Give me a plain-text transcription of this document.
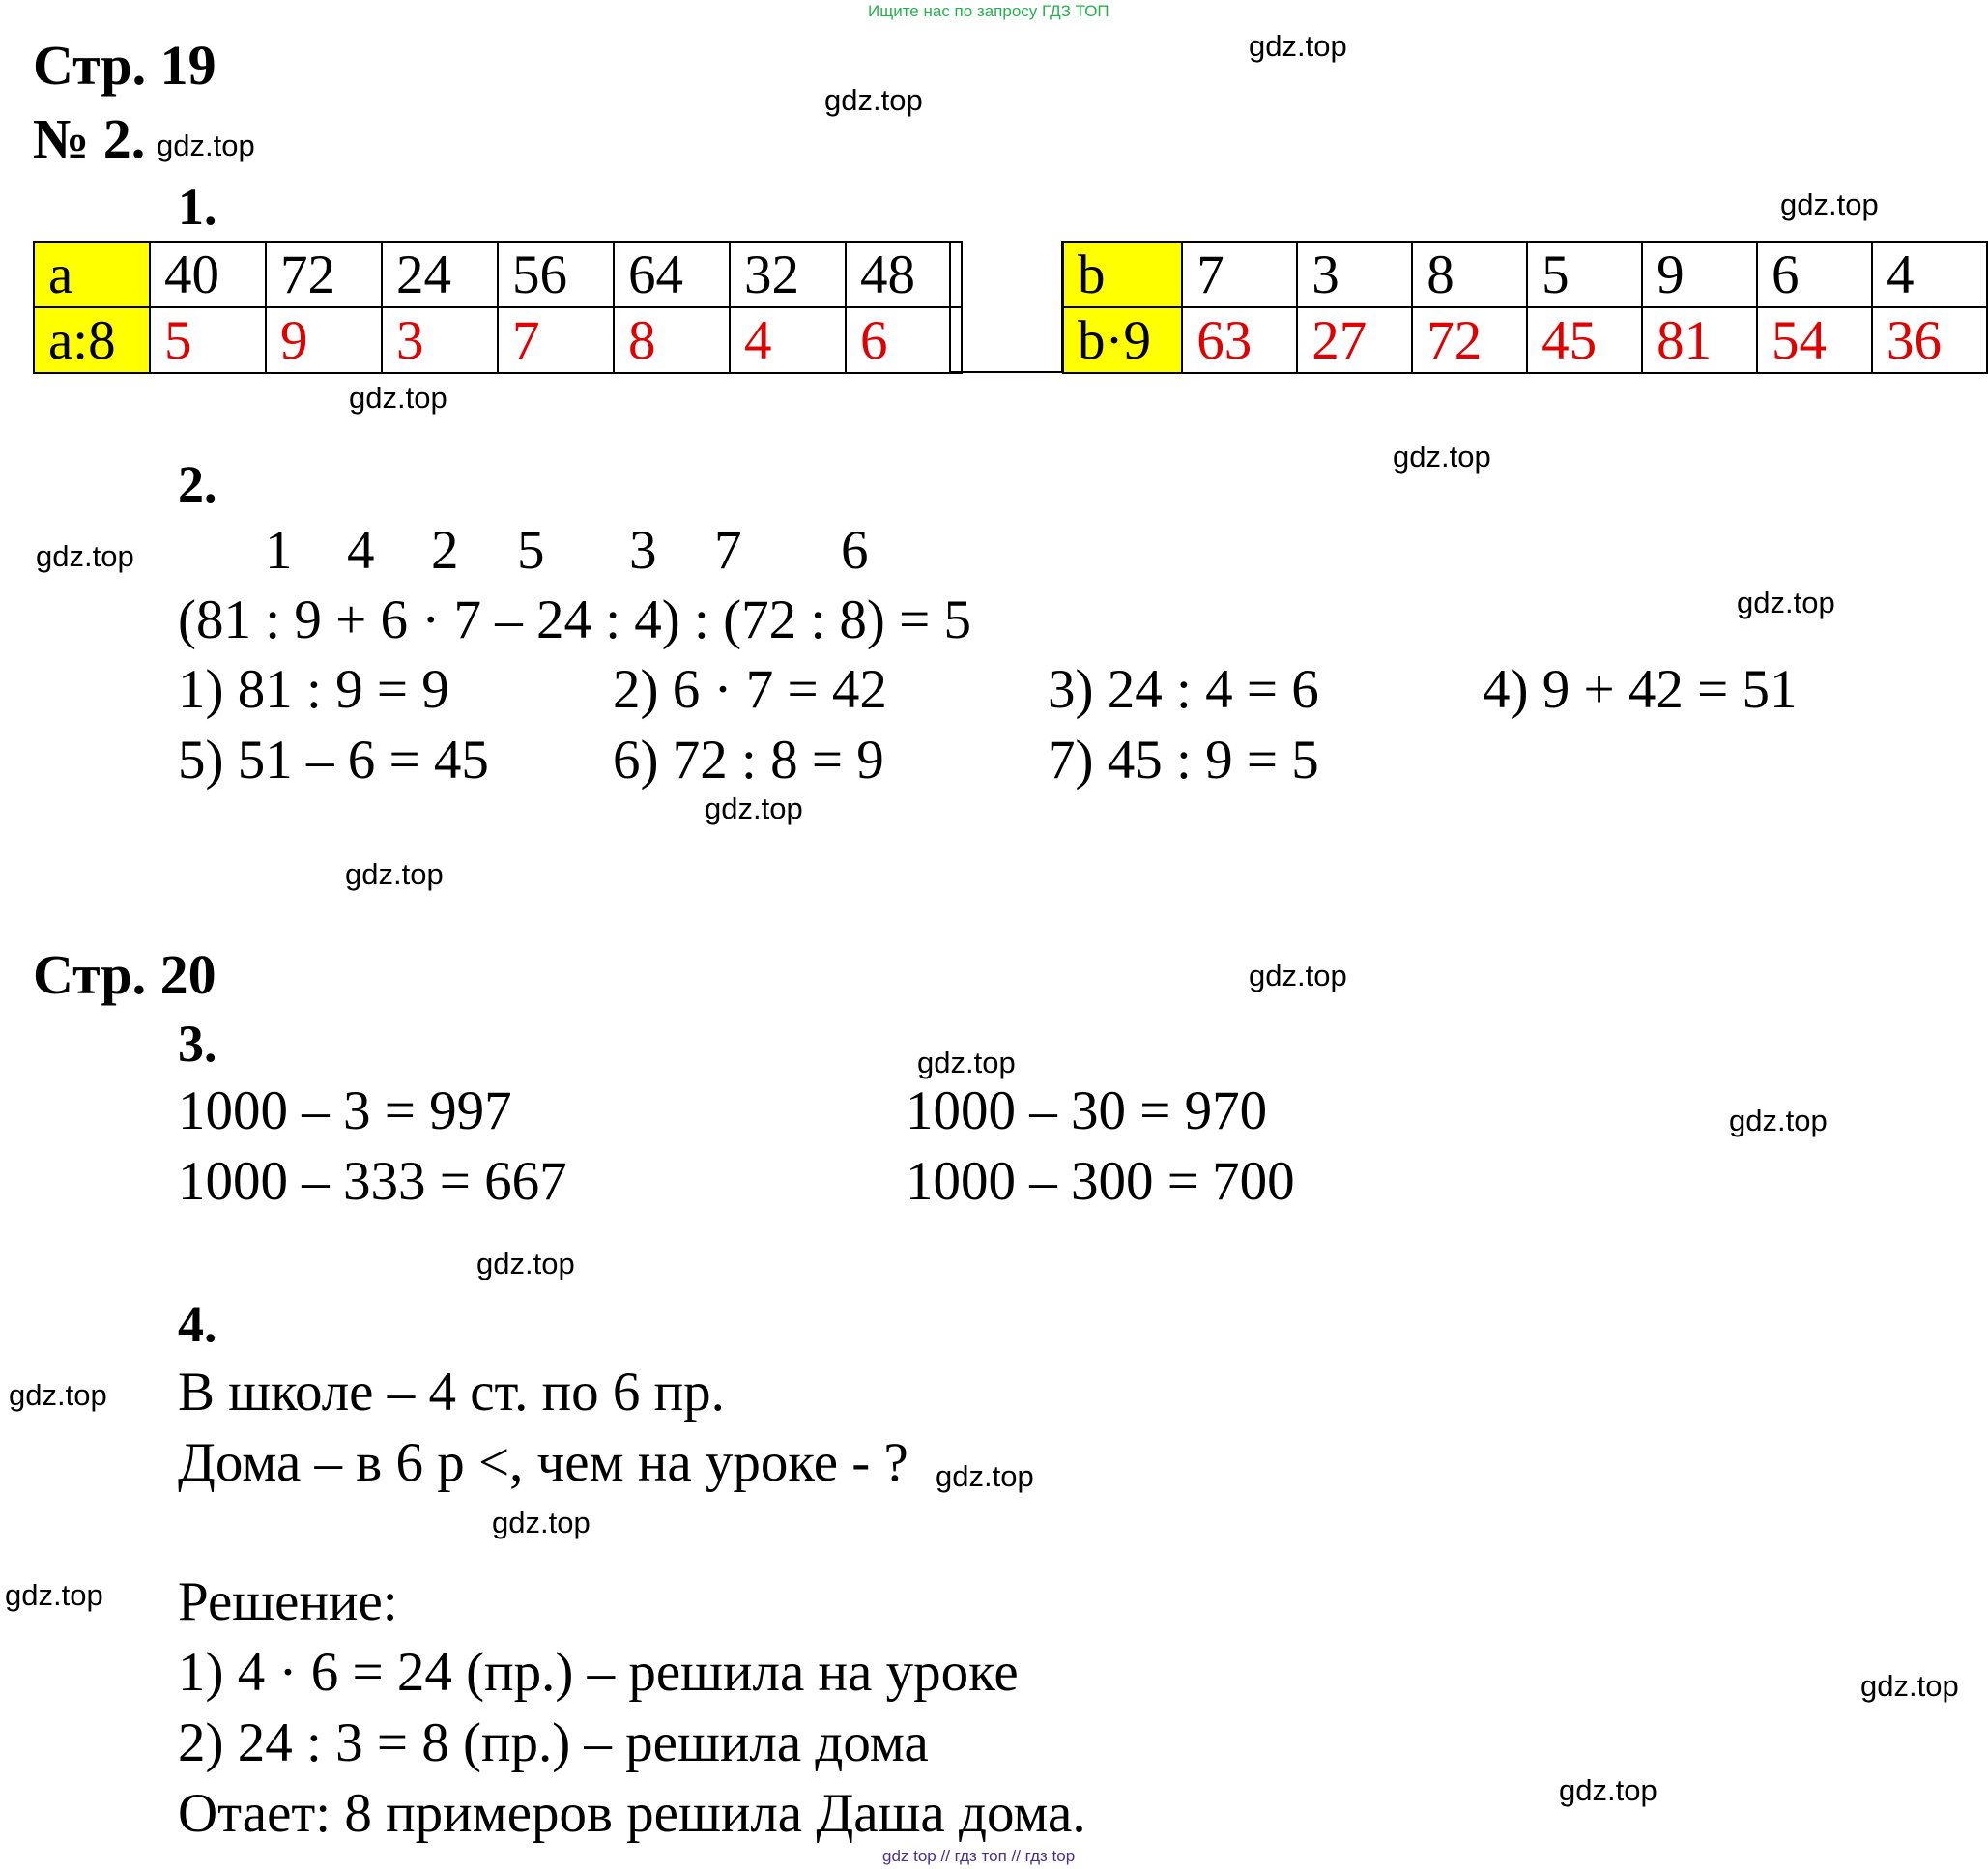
Ищите нас по запросу ГДЗ ТОП
gdz.top
gdz.top
gdz.top
gdz.top
gdz.top
gdz.top
gdz.top
gdz.top
gdz.top
gdz.top
gdz.top
gdz.top
gdz.top
gdz.top
gdz.top
gdz.top
gdz.top
gdz.top
gdz.top
gdz.top
Стр. 19
№ 2.
1.
a	40	72	24	56	64	32	48
a:8	5	9	3	7	8	4	6
b	7	3	8	5	9	6	4
b·9	63	27	72	45	81	54	36
2.
1 4 2 5 3 7 6
(81 : 9 + 6 · 7 – 24 : 4) : (72 : 8) = 5
1) 81 : 9 = 9	2) 6 · 7 = 42	3) 24 : 4 = 6	4) 9 + 42 = 51
5) 51 – 6 = 45 6) 72 : 8 = 9	7) 45 : 9 = 5
Стр. 20
3.
1000 – 3 = 997	1000 – 30 = 970
1000 – 333 = 667	1000 – 300 = 700
4.
В школе – 4 ст. по 6 пр.
Дома – в 6 р <, чем на уроке - ?
Решение:
1) 4 · 6 = 24 (пр.) – решила на уроке
2) 24 : 3 = 8 (пр.) – решила дома
Отает: 8 примеров решила Даша дома.
gdz top // гдз топ // гдз top
